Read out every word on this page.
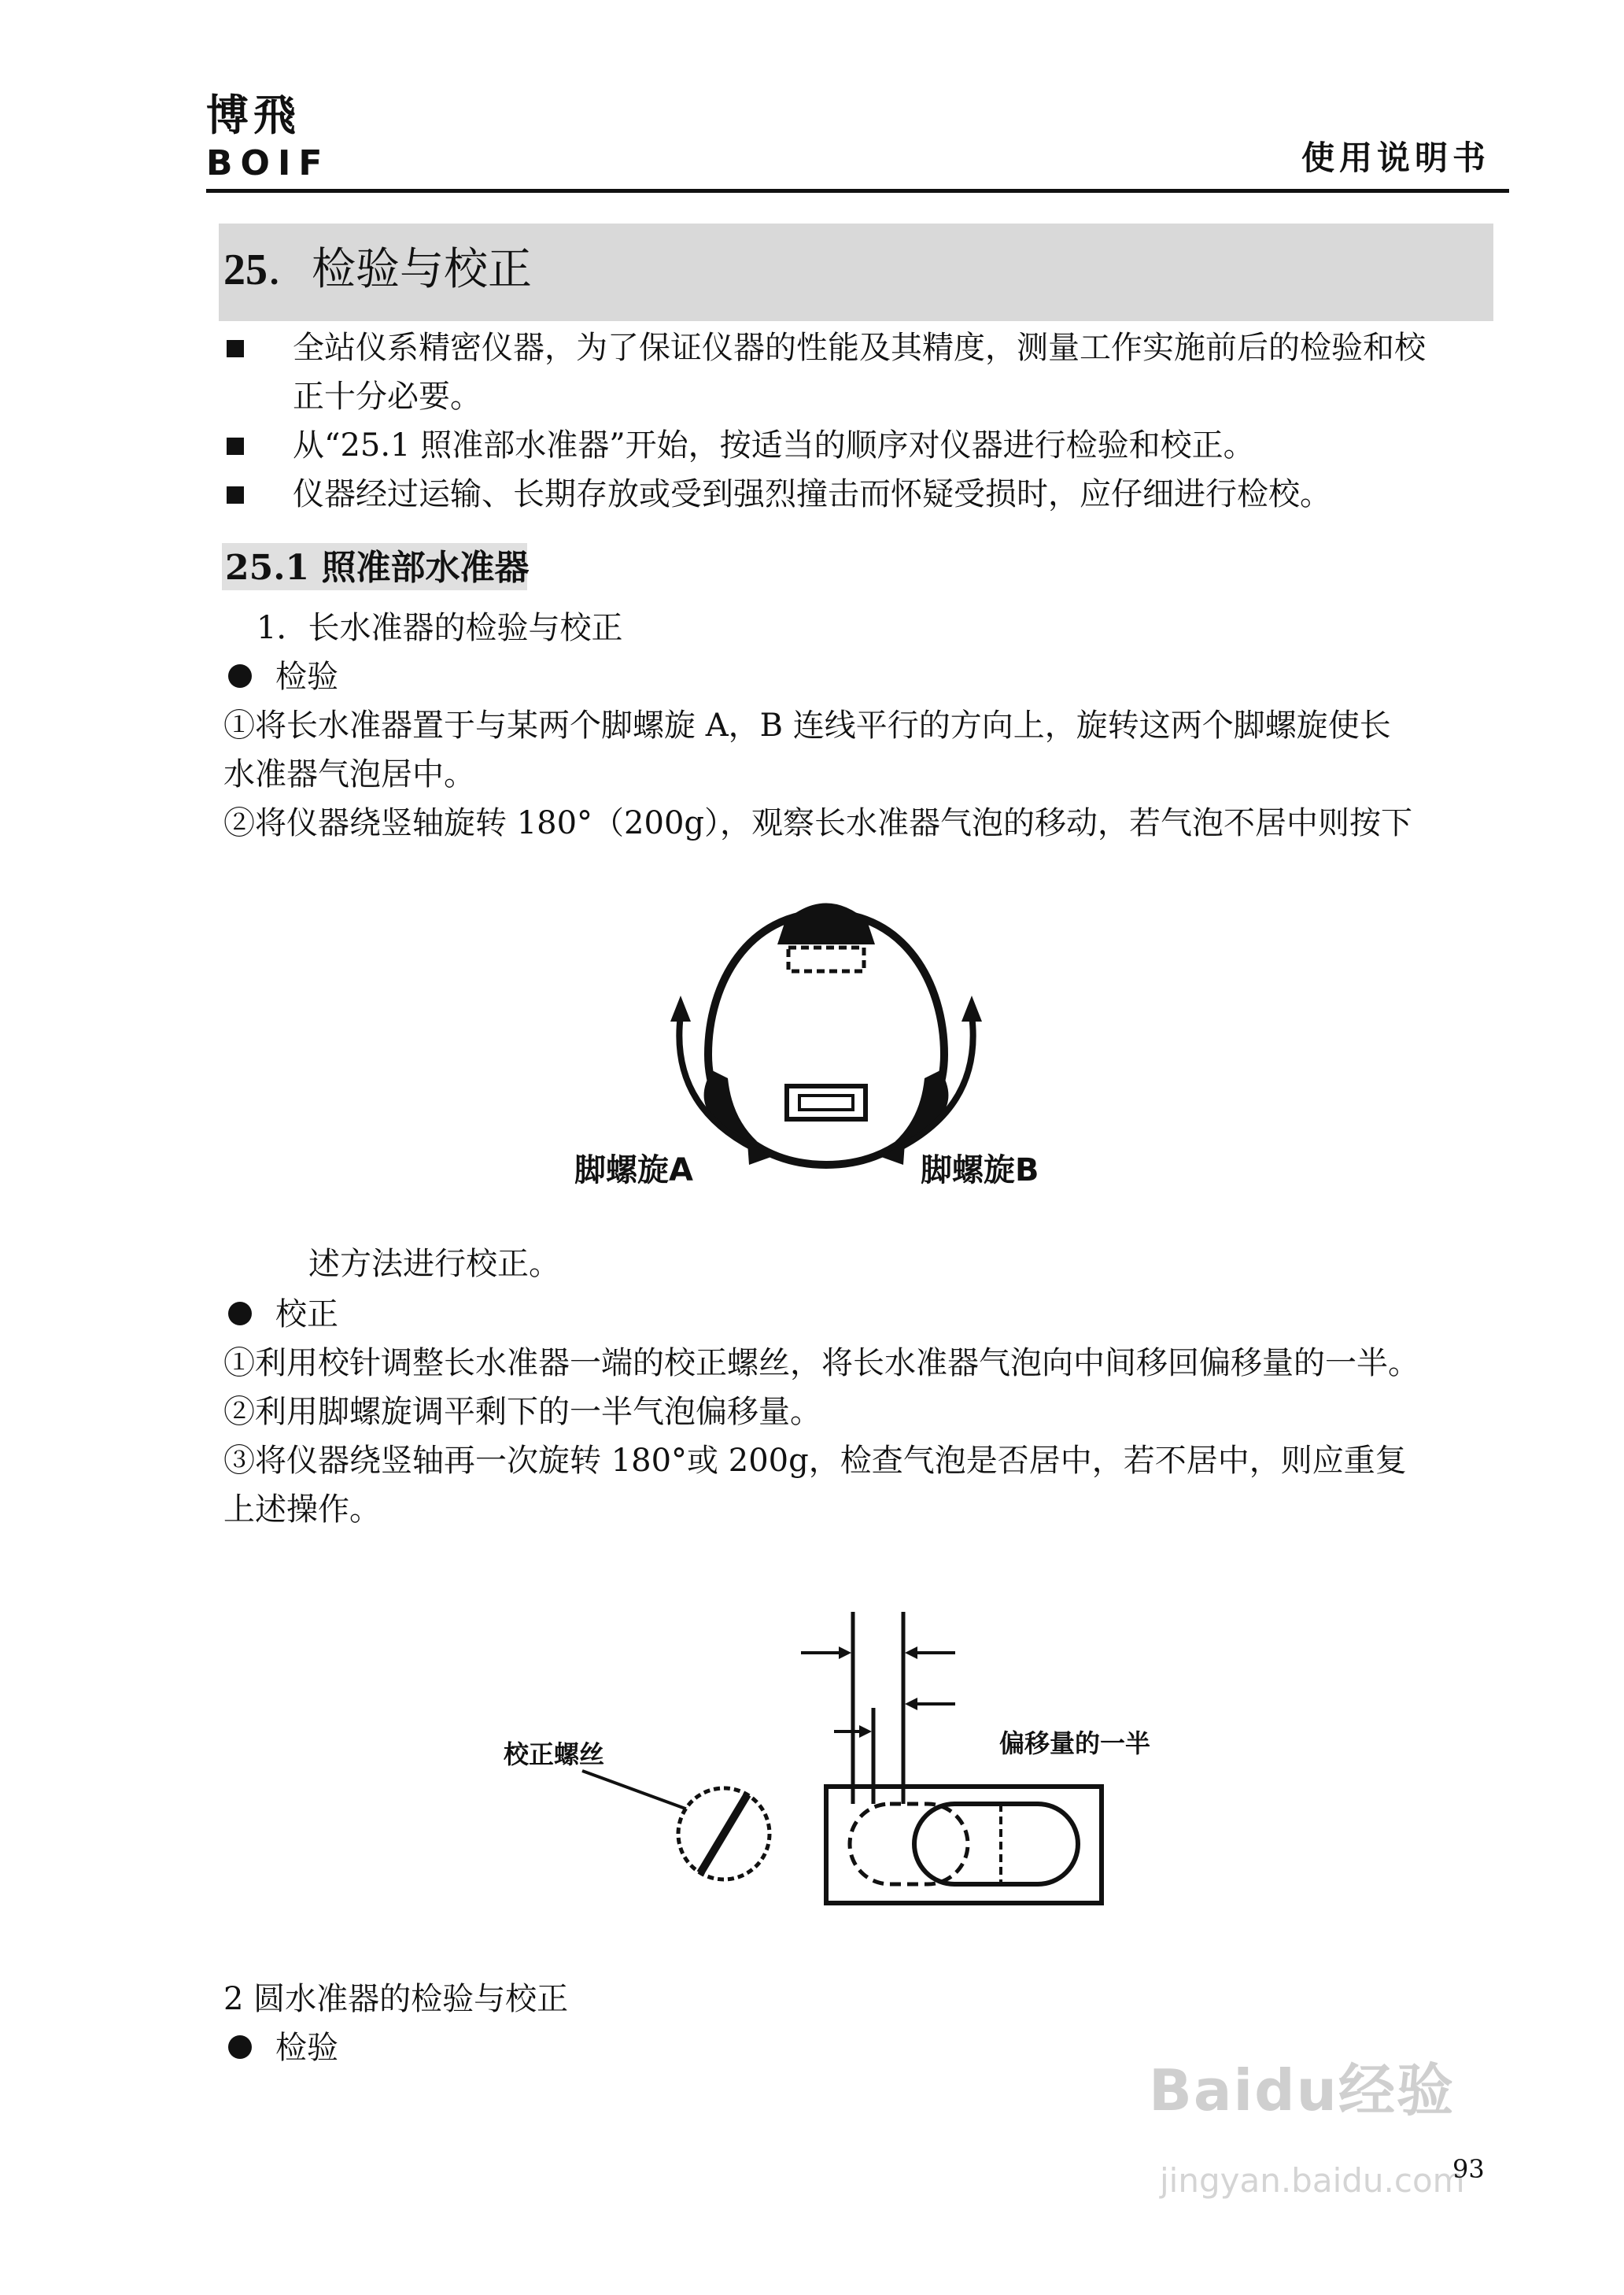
博飛
BOIF	使用说明书
25．检验与校正
全站仪系精密仪器，为了保证仪器的性能及其精度，测量工作实施前后的检验和校
正十分必要。
从“25.1 照准部水准器”开始，按适当的顺序对仪器进行检验和校正。
仪器经过运输、长期存放或受到强烈撞击而怀疑受损时，应仔细进行检校。
25.1 照准部水准器
1．长水准器的检验与校正
检验
①将长水准器置于与某两个脚螺旋 A，B 连线平行的方向上，旋转这两个脚螺旋使长
水准器气泡居中。
②将仪器绕竖轴旋转 180°（200g），观察长水准器气泡的移动，若气泡不居中则按下
脚螺旋A	脚螺旋B
述方法进行校正。
校正
①利用校针调整长水准器一端的校正螺丝，将长水准器气泡向中间移回偏移量的一半。
②利用脚螺旋调平剩下的一半气泡偏移量。
③将仪器绕竖轴再一次旋转 180°或 200g，检查气泡是否居中，若不居中，则应重复
上述操作。
校正螺丝	偏移量的一半
2 圆水准器的检验与校正
检验
Baidu经验
jingyan.baidu.com
93
